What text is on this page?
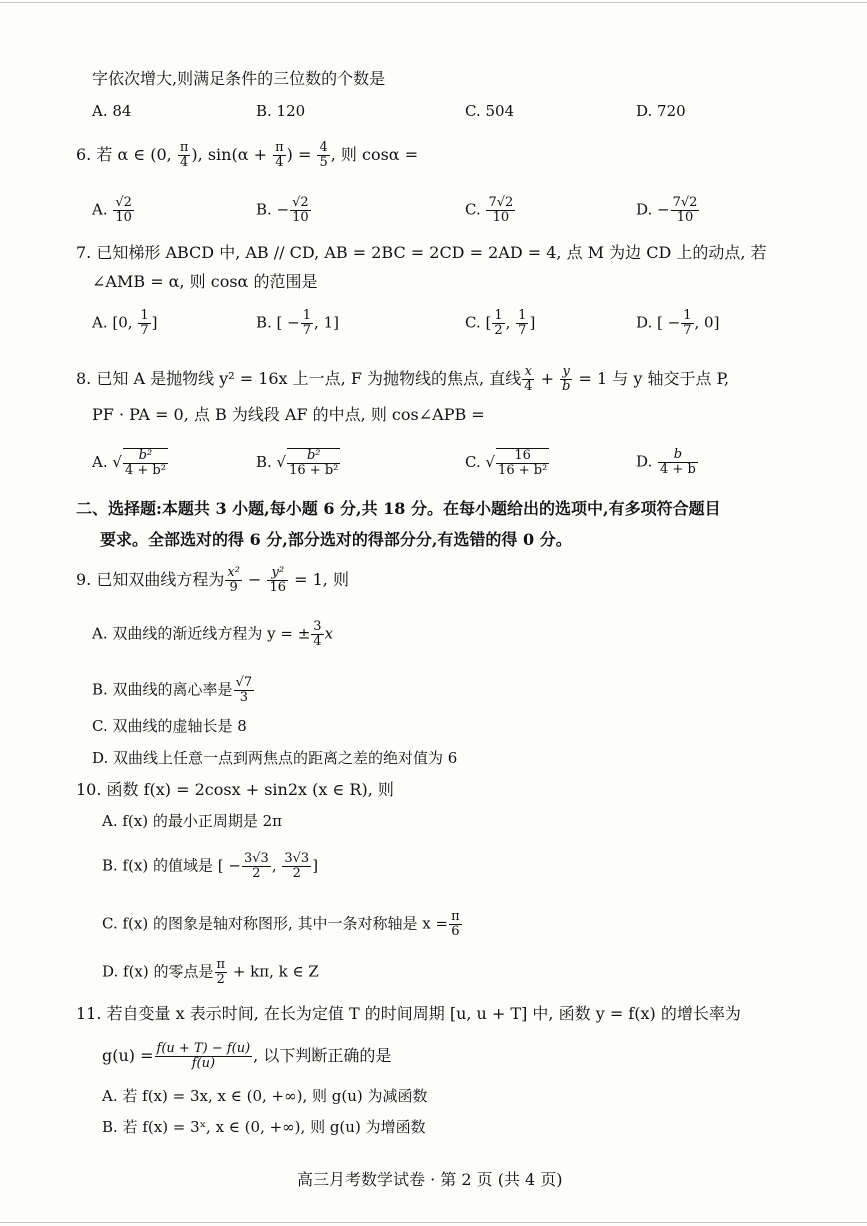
字依次增大,则满足条件的三位数的个数是
A. 84	B. 120	C. 504	D. 720
6. 若 α ∈ (0, $\frac{\pi}{4}$ ), $\sin(\alpha + \frac{\pi}{4}$ ) = $\frac{4}{5}$ , 则 cosα =
A. $\frac{√2}{10}$	B. − $\frac{√2}{10}$	C. $\frac{7√2}{10}$	D. − $\frac{7√2}{10}$
7. 已知梯形 ABCD 中, AB // CD, AB = 2BC = 2CD = 2AD = 4, 点 M 为边 CD 上的动点, 若
∠AMB = α, 则 cosα 的范围是
A. [0, $\frac{1}{7}$ ]	B. [ − $\frac{1}{7}$ , 1]	C. [ $\frac{1}{2}$ , $\frac{1}{7}$ ]	D. [ − $\frac{1}{7}$ , 0]
8. 已知 A 是抛物线 y² = 16x 上一点, F 为抛物线的焦点, 直线 $\frac{x}{4} + \frac{y}{b} = 1$ 与 y 轴交于点 P,
PF · PA = 0, 点 B 为线段 AF 的中点, 则 cos∠APB =
A. √ $\frac{\text{b²}}{\text{4 + b²}}$	B. √ $\frac{\text{b²}}{\text{16 + b²}}$	C. √ $\frac{16}{\text{16 + b²}}$	D. $\frac{b}{4 + b}$
二、选择题:本题共 3 小题,每小题 6 分,共 18 分。在每小题给出的选项中,有多项符合题目
要求。全部选对的得 6 分,部分选对的得部分分,有选错的得 0 分。
9. 已知双曲线方程为 $\frac{\text{x²}}{9} - \frac{\text{y²}}{16} = 1$, 则
A. 双曲线的渐近线方程为 y = ± $\frac{3}{4}$ x
B. 双曲线的离心率是 $\frac{√7}{3}$
C. 双曲线的虚轴长是 8
D. 双曲线上任意一点到两焦点的距离之差的绝对值为 6
10. 函数 f(x) = 2cosx + sin2x (x ∈ R), 则
A. f(x) 的最小正周期是 2π
B. f(x) 的值域是 [ − $\frac{3√3}{2}$ , $\frac{3√3}{2}$ ]
C. f(x) 的图象是轴对称图形, 其中一条对称轴是 $x = \frac{\pi}{6}$
D. f(x) 的零点是 $\frac{\pi}{2} + k\pi$, k ∈ Z
11. 若自变量 x 表示时间, 在长为定值 T 的时间周期 [u, u + T] 中, 函数 y = f(x) 的增长率为
$g(u) = \frac{f(u + T) - f(u)}{f(u)}$ , 以下判断正确的是
A. 若 f(x) = 3x, x ∈ (0, +∞), 则 g(u) 为减函数
B. 若 f(x) = 3ˣ, x ∈ (0, +∞), 则 g(u) 为增函数
高三月考数学试卷 · 第 2 页 (共 4 页)
